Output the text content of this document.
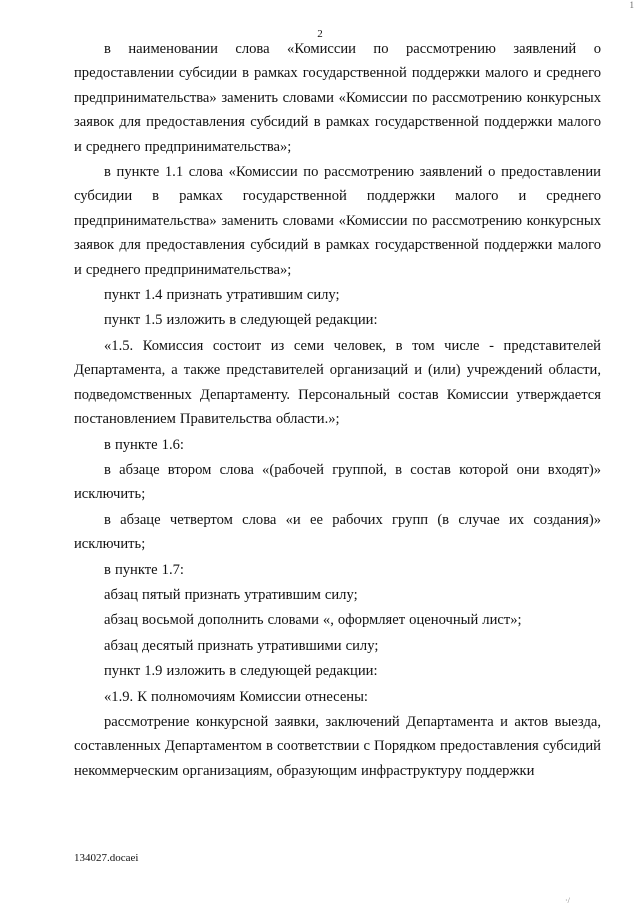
2
1

в наименовании слова «Комиссии по рассмотрению заявлений о предоставлении субсидии в рамках государственной поддержки малого и среднего предпринимательства» заменить словами «Комиссии по рассмотрению конкурсных заявок для предоставления субсидий в рамках государственной поддержки малого и среднего предпринимательства»;

в пункте 1.1 слова «Комиссии по рассмотрению заявлений о предоставлении субсидии в рамках государственной поддержки малого и среднего предпринимательства» заменить словами «Комиссии по рассмотрению конкурсных заявок для предоставления субсидий в рамках государственной поддержки малого и среднего предпринимательства»;

пункт 1.4 признать утратившим силу;

пункт 1.5 изложить в следующей редакции:

«1.5. Комиссия состоит из семи человек, в том числе - представителей Департамента, а также представителей организаций и (или) учреждений области, подведомственных Департаменту. Персональный состав Комиссии утверждается постановлением Правительства области.»;

в пункте 1.6:

в абзаце втором слова «(рабочей группой, в состав которой они входят)» исключить;

в абзаце четвертом слова «и ее рабочих групп (в случае их создания)» исключить;

в пункте 1.7:

абзац пятый признать утратившим силу;

абзац восьмой дополнить словами «, оформляет оценочный лист»;

абзац десятый признать утратившими силу;

пункт 1.9 изложить в следующей редакции:

«1.9. К полномочиям Комиссии отнесены:

рассмотрение конкурсной заявки, заключений Департамента и актов выезда, составленных Департаментом в соответствии с Порядком предоставления субсидий некоммерческим организациям, образующим инфраструктуру поддержки

134027.docaei
·/
